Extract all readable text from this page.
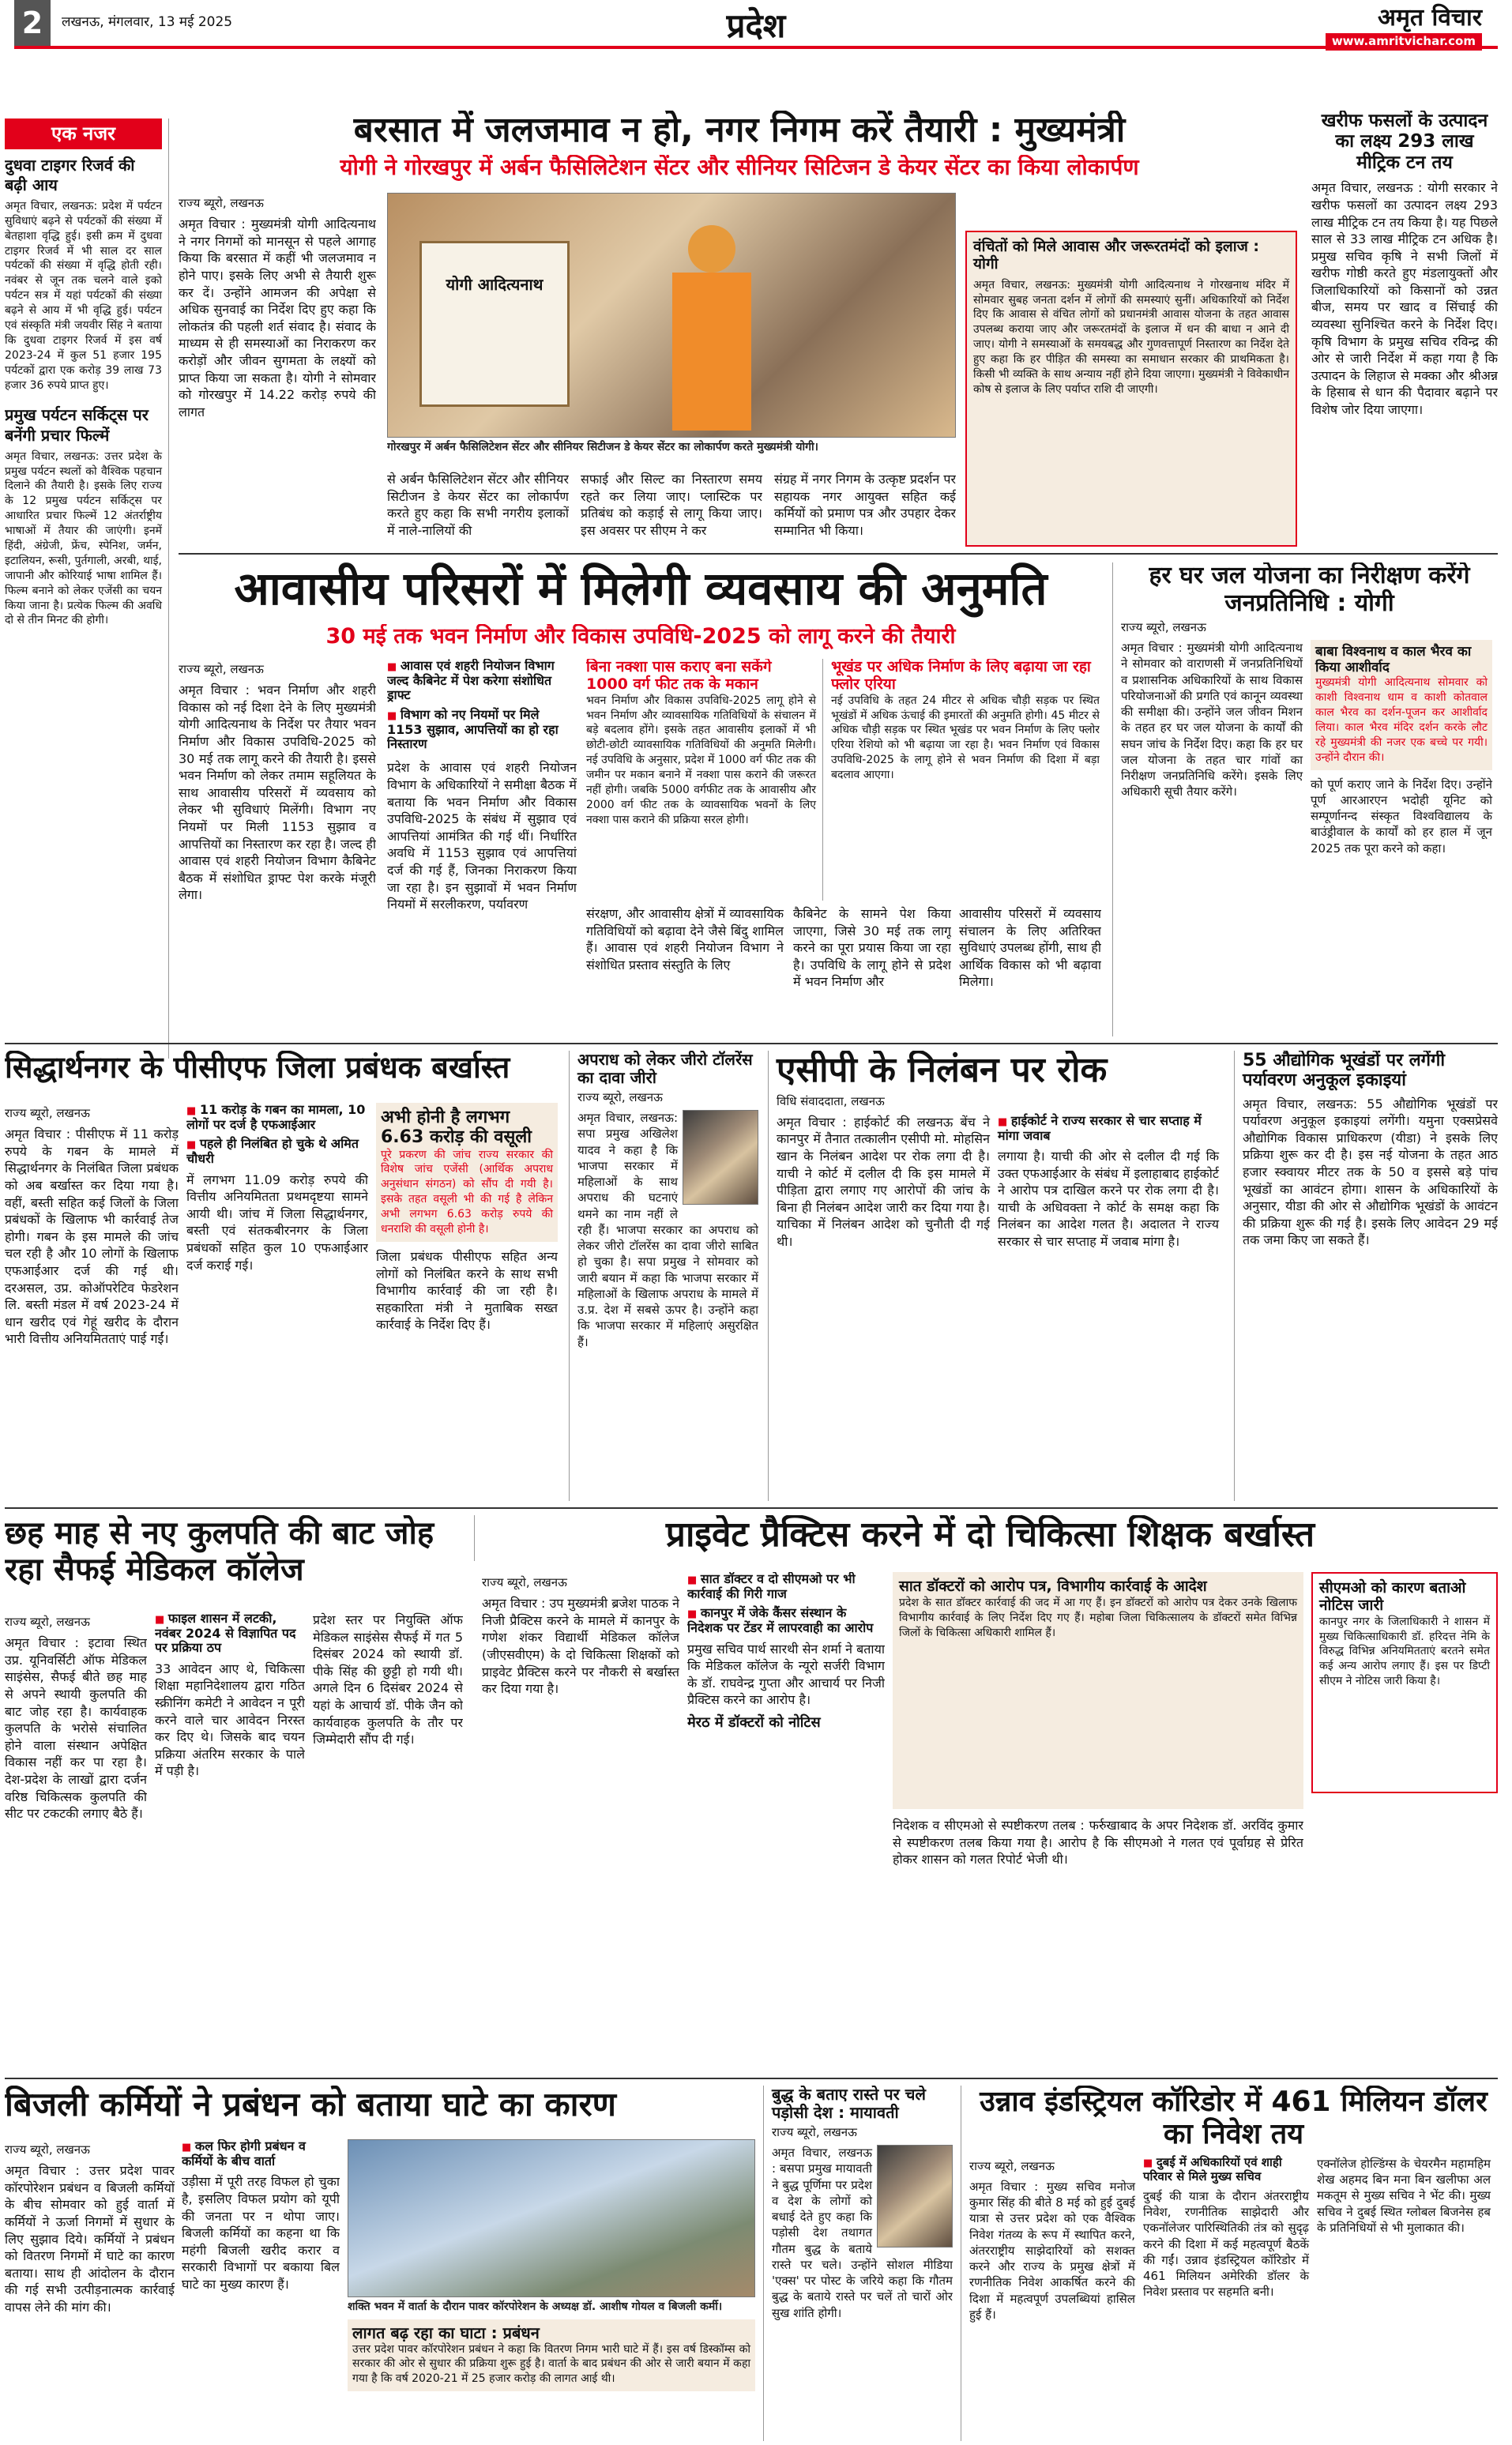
2	लखनऊ, मंगलवार, 13 मई 2025	प्रदेश	अमृत विचार
www.amritvichar.com
एक नजर
दुधवा टाइगर रिजर्व की बढ़ी आय
अमृत विचार, लखनऊ: प्रदेश में पर्यटन सुविधाएं बढ़ने से पर्यटकों की संख्या में बेतहाशा वृद्धि हुई। इसी क्रम में दुधवा टाइगर रिजर्व में भी साल दर साल पर्यटकों की संख्या में वृद्धि होती रही। नवंबर से जून तक चलने वाले इको पर्यटन सत्र में यहां पर्यटकों की संख्या बढ़ने से आय में भी वृद्धि हुई। पर्यटन एवं संस्कृति मंत्री जयवीर सिंह ने बताया कि दुधवा टाइगर रिजर्व में इस वर्ष 2023-24 में कुल 51 हजार 195 पर्यटकों द्वारा एक करोड़ 39 लाख 73 हजार 36 रुपये प्राप्त हुए।
प्रमुख पर्यटन सर्किट्स पर बनेंगी प्रचार फिल्में
अमृत विचार, लखनऊ: उत्तर प्रदेश के प्रमुख पर्यटन स्थलों को वैश्विक पहचान दिलाने की तैयारी है। इसके लिए राज्य के 12 प्रमुख पर्यटन सर्किट्स पर आधारित प्रचार फिल्में 12 अंतर्राष्ट्रीय भाषाओं में तैयार की जाएंगी। इनमें हिंदी, अंग्रेजी, फ्रेंच, स्पेनिश, जर्मन, इटालियन, रूसी, पुर्तगाली, अरबी, थाई, जापानी और कोरियाई भाषा शामिल हैं। फिल्म बनाने को लेकर एजेंसी का चयन किया जाना है। प्रत्येक फिल्म की अवधि दो से तीन मिनट की होगी।
बरसात में जलजमाव न हो, नगर निगम करें तैयारी : मुख्यमंत्री
योगी ने गोरखपुर में अर्बन फैसिलिटेशन सेंटर और सीनियर सिटिजन डे केयर सेंटर का किया लोकार्पण
राज्य ब्यूरो, लखनऊ
अमृत विचार : मुख्यमंत्री योगी आदित्यनाथ ने नगर निगमों को मानसून से पहले आगाह किया कि बरसात में कहीं भी जलजमाव न होने पाए। इसके लिए अभी से तैयारी शुरू कर दें। उन्होंने आमजन की अपेक्षा से अधिक सुनवाई का निर्देश दिए हुए कहा कि लोकतंत्र की पहली शर्त संवाद है। संवाद के माध्यम से ही समस्याओं का निराकरण कर करोड़ों और जीवन सुगमता के लक्ष्यों को प्राप्त किया जा सकता है। योगी ने सोमवार को गोरखपुर में 14.22 करोड़ रुपये की लागत
योगी आदित्यनाथ
गोरखपुर में अर्बन फैसिलिटेशन सेंटर और सीनियर सिटीजन डे केयर सेंटर का लोकार्पण करते मुख्यमंत्री योगी।
से अर्बन फैसिलिटेशन सेंटर और सीनियर सिटीजन डे केयर सेंटर का लोकार्पण करते हुए कहा कि सभी नगरीय इलाकों में नाले-नालियों की
सफाई और सिल्ट का निस्तारण समय रहते कर लिया जाए। प्लास्टिक पर प्रतिबंध को कड़ाई से लागू किया जाए। इस अवसर पर सीएम ने कर
संग्रह में नगर निगम के उत्कृष्ट प्रदर्शन पर सहायक नगर आयुक्त सहित कई कर्मियों को प्रमाण पत्र और उपहार देकर सम्मानित भी किया।
वंचितों को मिले आवास और जरूरतमंदों को इलाज : योगी
अमृत विचार, लखनऊ: मुख्यमंत्री योगी आदित्यनाथ ने गोरखनाथ मंदिर में सोमवार सुबह जनता दर्शन में लोगों की समस्याएं सुनीं। अधिकारियों को निर्देश दिए कि आवास से वंचित लोगों को प्रधानमंत्री आवास योजना के तहत आवास उपलब्ध कराया जाए और जरूरतमंदों के इलाज में धन की बाधा न आने दी जाए। योगी ने समस्याओं के समयबद्ध और गुणवत्तापूर्ण निस्तारण का निर्देश देते हुए कहा कि हर पीड़ित की समस्या का समाधान सरकार की प्राथमिकता है। किसी भी व्यक्ति के साथ अन्याय नहीं होने दिया जाएगा। मुख्यमंत्री ने विवेकाधीन कोष से इलाज के लिए पर्याप्त राशि दी जाएगी।
खरीफ फसलों के उत्पादन का लक्ष्य 293 लाख मीट्रिक टन तय
अमृत विचार, लखनऊ : योगी सरकार ने खरीफ फसलों का उत्पादन लक्ष्य 293 लाख मीट्रिक टन तय किया है। यह पिछले साल से 33 लाख मीट्रिक टन अधिक है। प्रमुख सचिव कृषि ने सभी जिलों में खरीफ गोष्ठी करते हुए मंडलायुक्तों और जिलाधिकारियों को किसानों को उन्नत बीज, समय पर खाद व सिंचाई की व्यवस्था सुनिश्चित करने के निर्देश दिए। कृषि विभाग के प्रमुख सचिव रविन्द्र की ओर से जारी निर्देश में कहा गया है कि उत्पादन के लिहाज से मक्का और श्रीअन्न के हिसाब से धान की पैदावार बढ़ाने पर विशेष जोर दिया जाएगा।
आवासीय परिसरों में मिलेगी व्यवसाय की अनुमति
30 मई तक भवन निर्माण और विकास उपविधि-2025 को लागू करने की तैयारी
राज्य ब्यूरो, लखनऊ
अमृत विचार : भवन निर्माण और शहरी विकास को नई दिशा देने के लिए मुख्यमंत्री योगी आदित्यनाथ के निर्देश पर तैयार भवन निर्माण और विकास उपविधि-2025 को 30 मई तक लागू करने की तैयारी है। इससे भवन निर्माण को लेकर तमाम सहूलियत के साथ आवासीय परिसरों में व्यवसाय को लेकर भी सुविधाएं मिलेंगी। विभाग नए नियमों पर मिली 1153 सुझाव व आपत्तियों का निस्तारण कर रहा है। जल्द ही आवास एवं शहरी नियोजन विभाग कैबिनेट बैठक में संशोधित ड्राफ्ट पेश करके मंजूरी लेगा।
■ आवास एवं शहरी नियोजन विभाग जल्द कैबिनेट में पेश करेगा संशोधित ड्राफ्ट
■ विभाग को नए नियमों पर मिले 1153 सुझाव, आपत्तियों का हो रहा निस्तारण
प्रदेश के आवास एवं शहरी नियोजन विभाग के अधिकारियों ने समीक्षा बैठक में बताया कि भवन निर्माण और विकास उपविधि-2025 के संबंध में सुझाव एवं आपत्तियां आमंत्रित की गई थीं। निर्धारित अवधि में 1153 सुझाव एवं आपत्तियां दर्ज की गई हैं, जिनका निराकरण किया जा रहा है। इन सुझावों में भवन निर्माण नियमों में सरलीकरण, पर्यावरण
बिना नक्शा पास कराए बना सकेंगे 1000 वर्ग फीट तक के मकान
भवन निर्माण और विकास उपविधि-2025 लागू होने से भवन निर्माण और व्यावसायिक गतिविधियों के संचालन में बड़े बदलाव होंगे। इसके तहत आवासीय इलाकों में भी छोटी-छोटी व्यावसायिक गतिविधियों की अनुमति मिलेगी। नई उपविधि के अनुसार, प्रदेश में 1000 वर्ग फीट तक की जमीन पर मकान बनाने में नक्शा पास कराने की जरूरत नहीं होगी। जबकि 5000 वर्गफीट तक के आवासीय और 2000 वर्ग फीट तक के व्यावसायिक भवनों के लिए नक्शा पास कराने की प्रक्रिया सरल होगी।
भूखंड पर अधिक निर्माण के लिए बढ़ाया जा रहा फ्लोर एरिया
नई उपविधि के तहत 24 मीटर से अधिक चौड़ी सड़क पर स्थित भूखंडों में अधिक ऊंचाई की इमारतों की अनुमति होगी। 45 मीटर से अधिक चौड़ी सड़क पर स्थित भूखंड पर भवन निर्माण के लिए फ्लोर एरिया रेशियो को भी बढ़ाया जा रहा है। भवन निर्माण एवं विकास उपविधि-2025 के लागू होने से भवन निर्माण की दिशा में बड़ा बदलाव आएगा।
संरक्षण, और आवासीय क्षेत्रों में व्यावसायिक गतिविधियों को बढ़ावा देने जैसे बिंदु शामिल हैं। आवास एवं शहरी नियोजन विभाग ने संशोधित प्रस्ताव संस्तुति के लिए
कैबिनेट के सामने पेश किया जाएगा, जिसे 30 मई तक लागू करने का पूरा प्रयास किया जा रहा है। उपविधि के लागू होने से प्रदेश में भवन निर्माण और
आवासीय परिसरों में व्यवसाय संचालन के लिए अतिरिक्त सुविधाएं उपलब्ध होंगी, साथ ही आर्थिक विकास को भी बढ़ावा मिलेगा।
हर घर जल योजना का निरीक्षण करेंगे जनप्रतिनिधि : योगी
राज्य ब्यूरो, लखनऊ
अमृत विचार : मुख्यमंत्री योगी आदित्यनाथ ने सोमवार को वाराणसी में जनप्रतिनिधियों व प्रशासनिक अधिकारियों के साथ विकास परियोजनाओं की प्रगति एवं कानून व्यवस्था की समीक्षा की। उन्होंने जल जीवन मिशन के तहत हर घर जल योजना के कार्यों की सघन जांच के निर्देश दिए। कहा कि हर घर जल योजना के तहत चार गांवों का निरीक्षण जनप्रतिनिधि करेंगे। इसके लिए अधिकारी सूची तैयार करेंगे।
बाबा विश्वनाथ व काल भैरव का किया आशीर्वाद
मुख्यमंत्री योगी आदित्यनाथ सोमवार को काशी विश्वनाथ धाम व काशी कोतवाल काल भैरव का दर्शन-पूजन कर आशीर्वाद लिया। काल भैरव मंदिर दर्शन करके लौट रहे मुख्यमंत्री की नजर एक बच्चे पर गयी। उन्होंने दौरान की।
को पूर्ण कराए जाने के निर्देश दिए। उन्होंने पूर्ण आरआरएन भदोही यूनिट को सम्पूर्णानन्द संस्कृत विश्वविद्यालय के बाउंड्रीवाल के कार्यों को हर हाल में जून 2025 तक पूरा करने को कहा।
सिद्धार्थनगर के पीसीएफ जिला प्रबंधक बर्खास्त
राज्य ब्यूरो, लखनऊ
अमृत विचार : पीसीएफ में 11 करोड़ रुपये के गबन के मामले में सिद्धार्थनगर के निलंबित जिला प्रबंधक को अब बर्खास्त कर दिया गया है। वहीं, बस्ती सहित कई जिलों के जिला प्रबंधकों के खिलाफ भी कार्रवाई तेज होगी। गबन के इस मामले की जांच चल रही है और 10 लोगों के खिलाफ एफआईआर दर्ज की गई थी। दरअसल, उप्र. कोऑपरेटिव फेडरेशन लि. बस्ती मंडल में वर्ष 2023-24 में धान खरीद एवं गेहूं खरीद के दौरान भारी वित्तीय अनियमितताएं पाई गईं।
■ 11 करोड़ के गबन का मामला, 10 लोगों पर दर्ज है एफआईआर
■ पहले ही निलंबित हो चुके थे अमित चौधरी
में लगभग 11.09 करोड़ रुपये की वित्तीय अनियमितता प्रथमदृष्टया सामने आयी थी। जांच में जिला सिद्धार्थनगर, बस्ती एवं संतकबीरनगर के जिला प्रबंधकों सहित कुल 10 एफआईआर दर्ज कराई गई।
अभी होनी है लगभग 6.63 करोड़ की वसूली
पूरे प्रकरण की जांच राज्य सरकार की विशेष जांच एजेंसी (आर्थिक अपराध अनुसंधान संगठन) को सौंप दी गयी है। इसके तहत वसूली भी की गई है लेकिन अभी लगभग 6.63 करोड़ रुपये की धनराशि की वसूली होनी है।
जिला प्रबंधक पीसीएफ सहित अन्य लोगों को निलंबित करने के साथ सभी विभागीय कार्रवाई की जा रही है। सहकारिता मंत्री ने मुताबिक सख्त कार्रवाई के निर्देश दिए हैं।
अपराध को लेकर जीरो टॉलरेंस का दावा जीरो
राज्य ब्यूरो, लखनऊ
अमृत विचार, लखनऊ: सपा प्रमुख अखिलेश यादव ने कहा है कि भाजपा सरकार में महिलाओं के साथ अपराध की घटनाएं थमने का नाम नहीं ले रही हैं। भाजपा सरकार का अपराध को लेकर जीरो टॉलरेंस का दावा जीरो साबित हो चुका है। सपा प्रमुख ने सोमवार को जारी बयान में कहा कि भाजपा सरकार में महिलाओं के खिलाफ अपराध के मामले में उ.प्र. देश में सबसे ऊपर है। उन्होंने कहा कि भाजपा सरकार में महिलाएं असुरक्षित हैं।
एसीपी के निलंबन पर रोक
विधि संवाददाता, लखनऊ
अमृत विचार : हाईकोर्ट की लखनऊ बेंच ने कानपुर में तैनात तत्कालीन एसीपी मो. मोहसिन खान के निलंबन आदेश पर रोक लगा दी है। याची ने कोर्ट में दलील दी कि इस मामले में पीड़िता द्वारा लगाए गए आरोपों की जांच के बिना ही निलंबन आदेश जारी कर दिया गया है। याचिका में निलंबन आदेश को चुनौती दी गई थी।
■ हाईकोर्ट ने राज्य सरकार से चार सप्ताह में मांगा जवाब
लगाया है। याची की ओर से दलील दी गई कि उक्त एफआईआर के संबंध में इलाहाबाद हाईकोर्ट ने आरोप पत्र दाखिल करने पर रोक लगा दी है। याची के अधिवक्ता ने कोर्ट के समक्ष कहा कि निलंबन का आदेश गलत है। अदालत ने राज्य सरकार से चार सप्ताह में जवाब मांगा है।
55 औद्योगिक भूखंडों पर लगेंगी पर्यावरण अनुकूल इकाइयां
अमृत विचार, लखनऊ: 55 औद्योगिक भूखंडों पर पर्यावरण अनुकूल इकाइयां लगेंगी। यमुना एक्सप्रेसवे औद्योगिक विकास प्राधिकरण (यीडा) ने इसके लिए प्रक्रिया शुरू कर दी है। इस नई योजना के तहत आठ हजार स्क्वायर मीटर तक के 50 व इससे बड़े पांच भूखंडों का आवंटन होगा। शासन के अधिकारियों के अनुसार, यीडा की ओर से औद्योगिक भूखंडों के आवंटन की प्रक्रिया शुरू की गई है। इसके लिए आवेदन 29 मई तक जमा किए जा सकते हैं।
छह माह से नए कुलपति की बाट जोह रहा सैफई मेडिकल कॉलेज
राज्य ब्यूरो, लखनऊ
अमृत विचार : इटावा स्थित उप्र. यूनिवर्सिटी ऑफ मेडिकल साइंसेस, सैफई बीते छह माह से अपने स्थायी कुलपति की बाट जोह रहा है। कार्यवाहक कुलपति के भरोसे संचालित होने वाला संस्थान अपेक्षित विकास नहीं कर पा रहा है। देश-प्रदेश के लाखों द्वारा दर्जन वरिष्ठ चिकित्सक कुलपति की सीट पर टकटकी लगाए बैठे हैं।
■ फाइल शासन में लटकी, नवंबर 2024 से विज्ञापित पद पर प्रक्रिया ठप
33 आवेदन आए थे, चिकित्सा शिक्षा महानिदेशालय द्वारा गठित स्क्रीनिंग कमेटी ने आवेदन न पूरी करने वाले चार आवेदन निरस्त कर दिए थे। जिसके बाद चयन प्रक्रिया अंतरिम सरकार के पाले में पड़ी है।
प्रदेश स्तर पर नियुक्ति ऑफ मेडिकल साइंसेस सैफई में गत 5 दिसंबर 2024 को स्थायी डॉ. पीके सिंह की छुट्टी हो गयी थी। अगले दिन 6 दिसंबर 2024 से यहां के आचार्य डॉ. पीके जैन को कार्यवाहक कुलपति के तौर पर जिम्मेदारी सौंप दी गई।
प्राइवेट प्रैक्टिस करने में दो चिकित्सा शिक्षक बर्खास्त
राज्य ब्यूरो, लखनऊ
अमृत विचार : उप मुख्यमंत्री ब्रजेश पाठक ने निजी प्रैक्टिस करने के मामले में कानपुर के गणेश शंकर विद्यार्थी मेडिकल कॉलेज (जीएसवीएम) के दो चिकित्सा शिक्षकों को प्राइवेट प्रैक्टिस करने पर नौकरी से बर्खास्त कर दिया गया है।
■ सात डॉक्टर व दो सीएमओ पर भी कार्रवाई की गिरी गाज
■ कानपुर में जेके कैंसर संस्थान के निदेशक पर टेंडर में लापरवाही का आरोप
प्रमुख सचिव पार्थ सारथी सेन शर्मा ने बताया कि मेडिकल कॉलेज के न्यूरो सर्जरी विभाग के डॉ. राघवेन्द्र गुप्ता और आचार्य पर निजी प्रैक्टिस करने का आरोप है।
मेरठ में डॉक्टरों को नोटिस
सात डॉक्टरों को आरोप पत्र, विभागीय कार्रवाई के आदेश
प्रदेश के सात डॉक्टर कार्रवाई की जद में आ गए हैं। इन डॉक्टरों को आरोप पत्र देकर उनके खिलाफ विभागीय कार्रवाई के लिए निर्देश दिए गए हैं। महोबा जिला चिकित्सालय के डॉक्टरों समेत विभिन्न जिलों के चिकित्सा अधिकारी शामिल हैं।
निदेशक व सीएमओ से स्पष्टीकरण तलब : फर्रुखाबाद के अपर निदेशक डॉ. अरविंद कुमार से स्पष्टीकरण तलब किया गया है। आरोप है कि सीएमओ ने गलत एवं पूर्वाग्रह से प्रेरित होकर शासन को गलत रिपोर्ट भेजी थी।
सीएमओ को कारण बताओ नोटिस जारी
कानपुर नगर के जिलाधिकारी ने शासन में मुख्य चिकित्साधिकारी डॉ. हरिदत्त नेमि के विरुद्ध विभिन्न अनियमितताएं बरतने समेत कई अन्य आरोप लगाए हैं। इस पर डिप्टी सीएम ने नोटिस जारी किया है।
बिजली कर्मियों ने प्रबंधन को बताया घाटे का कारण
राज्य ब्यूरो, लखनऊ
अमृत विचार : उत्तर प्रदेश पावर कॉरपोरेशन प्रबंधन व बिजली कर्मियों के बीच सोमवार को हुई वार्ता में कर्मियों ने ऊर्जा निगमों में सुधार के लिए सुझाव दिये। कर्मियों ने प्रबंधन को वितरण निगमों में घाटे का कारण बताया। साथ ही आंदोलन के दौरान की गई सभी उत्पीड़नात्मक कार्रवाई वापस लेने की मांग की।
■ कल फिर होगी प्रबंधन व कर्मियों के बीच वार्ता
उड़ीसा में पूरी तरह विफल हो चुका है, इसलिए विफल प्रयोग को यूपी की जनता पर न थोपा जाए। बिजली कर्मियों का कहना था कि महंगी बिजली खरीद करार व सरकारी विभागों पर बकाया बिल घाटे का मुख्य कारण हैं।
शक्ति भवन में वार्ता के दौरान पावर कॉरपोरेशन के अध्यक्ष डॉ. आशीष गोयल व बिजली कर्मी।
लागत बढ़ रहा का घाटा : प्रबंधन
उत्तर प्रदेश पावर कॉरपोरेशन प्रबंधन ने कहा कि वितरण निगम भारी घाटे में हैं। इस वर्ष डिस्कॉम्स को सरकार की ओर से सुधार की प्रक्रिया शुरू हुई है। वार्ता के बाद प्रबंधन की ओर से जारी बयान में कहा गया है कि वर्ष 2020-21 में 25 हजार करोड़ की लागत आई थी।
बुद्ध के बताए रास्ते पर चले पड़ोसी देश : मायावती
राज्य ब्यूरो, लखनऊ
अमृत विचार, लखनऊ : बसपा प्रमुख मायावती ने बुद्ध पूर्णिमा पर प्रदेश व देश के लोगों को बधाई देते हुए कहा कि पड़ोसी देश तथागत गौतम बुद्ध के बताये रास्ते पर चले। उन्होंने सोशल मीडिया 'एक्स' पर पोस्ट के जरिये कहा कि गौतम बुद्ध के बताये रास्ते पर चलें तो चारों ओर सुख शांति होगी।
उन्नाव इंडस्ट्रियल कॉरिडोर में 461 मिलियन डॉलर का निवेश तय
राज्य ब्यूरो, लखनऊ
अमृत विचार : मुख्य सचिव मनोज कुमार सिंह की बीते 8 मई को हुई दुबई यात्रा से उत्तर प्रदेश को एक वैश्विक निवेश गंतव्य के रूप में स्थापित करने, अंतरराष्ट्रीय साझेदारियों को सशक्त करने और राज्य के प्रमुख क्षेत्रों में रणनीतिक निवेश आकर्षित करने की दिशा में महत्वपूर्ण उपलब्धियां हासिल हुई हैं।
■ दुबई में अधिकारियों एवं शाही परिवार से मिले मुख्य सचिव
दुबई की यात्रा के दौरान अंतरराष्ट्रीय निवेश, रणनीतिक साझेदारी और एकनॉलेजर पारिस्थितिकी तंत्र को सुदृढ़ करने की दिशा में कई महत्वपूर्ण बैठकें की गईं। उन्नाव इंडस्ट्रियल कॉरिडोर में 461 मिलियन अमेरिकी डॉलर के निवेश प्रस्ताव पर सहमति बनी।
एक्नॉलेज होल्डिंग्स के चेयरमैन महामहिम शेख अहमद बिन मना बिन खलीफा अल मकतूम से मुख्य सचिव ने भेंट की। मुख्य सचिव ने दुबई स्थित ग्लोबल बिजनेस हब के प्रतिनिधियों से भी मुलाकात की।
